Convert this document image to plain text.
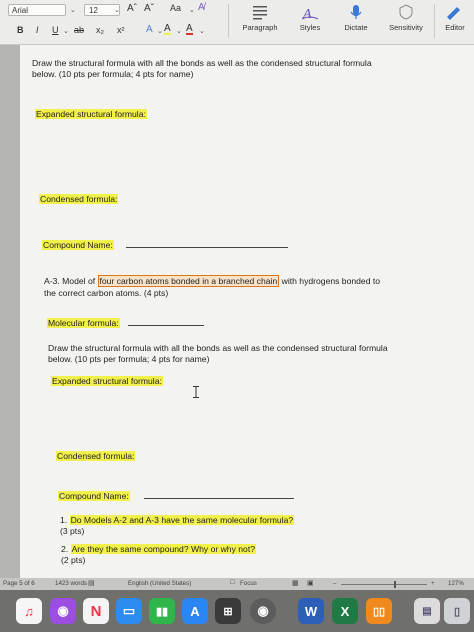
Arial	⌄	12	⌄ Aˆ Aˇ Aa ⌄ A̸
B I U ⌄ ab x₂ x² A ⌄ A ⌄ A ⌄	Paragraph
A
Styles	Dictate	Sensitivity	Editor
Draw the structural formula with all the bonds as well as the condensed structural formula
below. (10 pts per formula; 4 pts for name)
Expanded structural formula:
Condensed formula:
Compound Name:
A-3. Model of four carbon atoms bonded in a branched chain with hydrogens bonded to
the correct carbon atoms. (4 pts)
Molecular formula:
Draw the structural formula with all the bonds as well as the condensed structural formula
below. (10 pts per formula; 4 pts for name)
Expanded structural formula:
Condensed formula:
Compound Name:
1. Do Models A-2 and A-3 have the same molecular formula?
(3 pts)
2. Are they the same compound? Why or why not?
(2 pts)
Page 5 of 6	1423 words ▤	English (United States)	□ Focus	▦ ▣	–	+ 127%
♫	◉	N	▭	▮▮	A	⊞	◉	W	X	▯▯	▤	▯
